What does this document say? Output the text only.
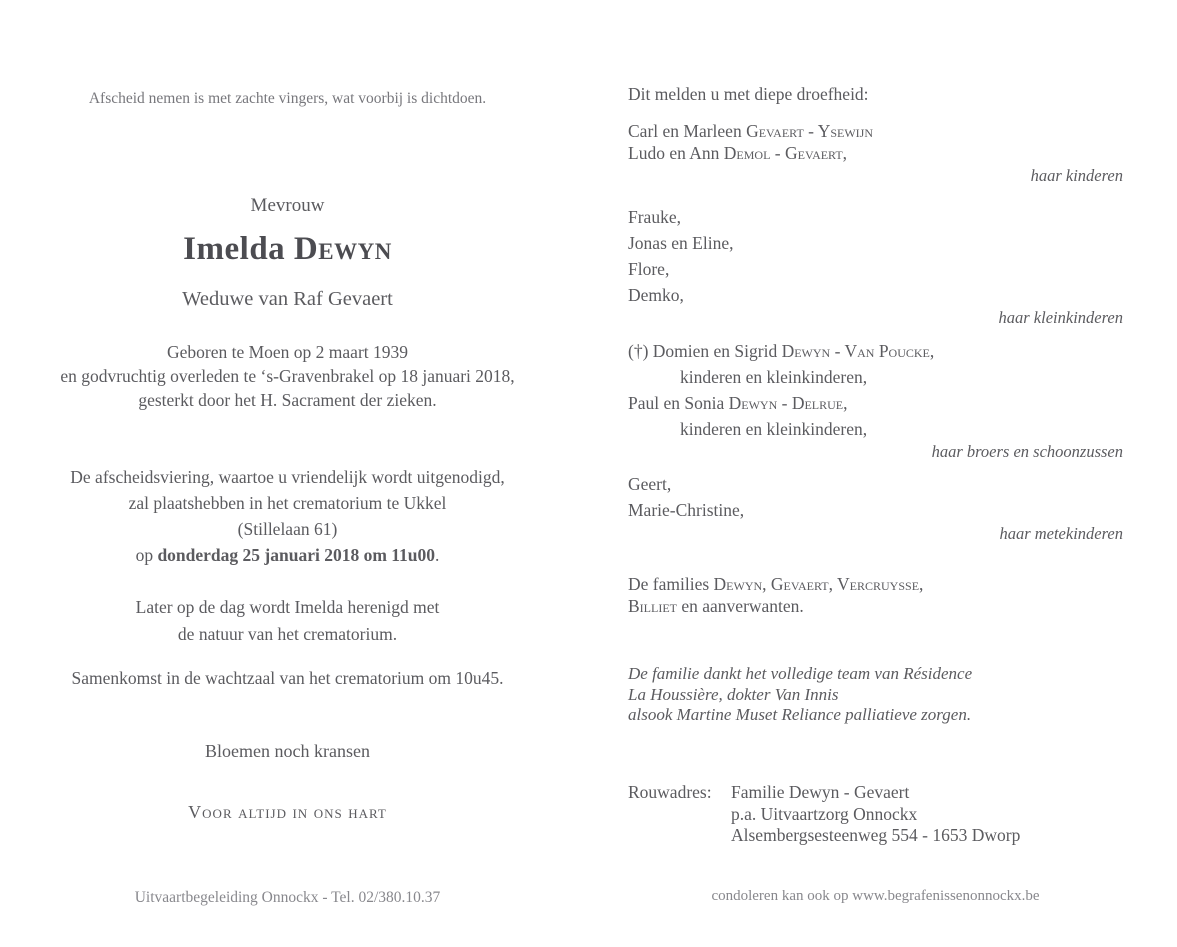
Afscheid nemen is met zachte vingers, wat voorbij is dichtdoen.
Mevrouw
Imelda Dewyn
Weduwe van Raf Gevaert
Geboren te Moen op 2 maart 1939
en godvruchtig overleden te ‘s-Gravenbrakel op 18 januari 2018,
gesterkt door het H. Sacrament der zieken.
De afscheidsviering, waartoe u vriendelijk wordt uitgenodigd,
zal plaatshebben in het crematorium te Ukkel
(Stillelaan 61)
op donderdag 25 januari 2018 om 11u00.
Later op de dag wordt Imelda herenigd met
de natuur van het crematorium.
Samenkomst in de wachtzaal van het crematorium om 10u45.
Bloemen noch kransen
Voor altijd in ons hart
Uitvaartbegeleiding Onnockx - Tel. 02/380.10.37
Dit melden u met diepe droefheid:
Carl en Marleen Gevaert - Ysewijn
Ludo en Ann Demol - Gevaert,
haar kinderen
Frauke,
Jonas en Eline,
Flore,
Demko,
haar kleinkinderen
(†) Domien en Sigrid Dewyn - Van Poucke,
kinderen en kleinkinderen,
Paul en Sonia Dewyn - Delrue,
kinderen en kleinkinderen,
haar broers en schoonzussen
Geert,
Marie-Christine,
haar metekinderen
De families Dewyn, Gevaert, Vercruysse,
Billiet en aanverwanten.
De familie dankt het volledige team van Résidence
La Houssière, dokter Van Innis
alsook Martine Muset Reliance palliatieve zorgen.
Rouwadres:	Familie Dewyn - Gevaert
p.a. Uitvaartzorg Onnockx
Alsembergsesteenweg 554 - 1653 Dworp
condoleren kan ook op www.begrafenissenonnockx.be
